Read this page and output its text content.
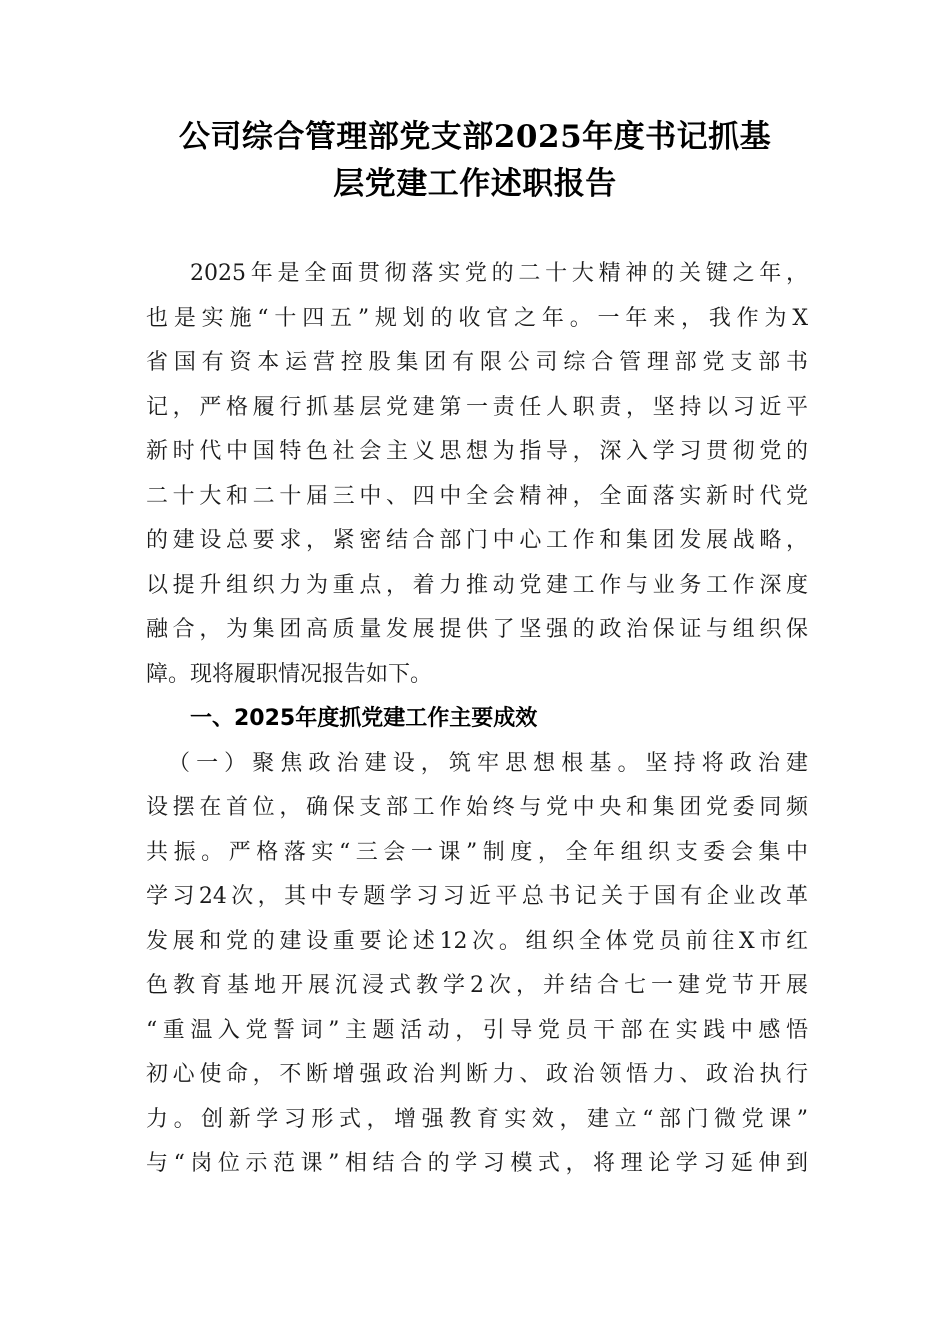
公司综合管理部党支部2025年度书记抓基
层党建工作述职报告
2025年是全面贯彻落实党的二十大精神的关键之年，
也是实施“十四五”规划的收官之年。一年来，我作为X
省国有资本运营控股集团有限公司综合管理部党支部书
记，严格履行抓基层党建第一责任人职责，坚持以习近平
新时代中国特色社会主义思想为指导，深入学习贯彻党的
二十大和二十届三中、四中全会精神，全面落实新时代党
的建设总要求，紧密结合部门中心工作和集团发展战略，
以提升组织力为重点，着力推动党建工作与业务工作深度
融合，为集团高质量发展提供了坚强的政治保证与组织保
障。现将履职情况报告如下。
一、2025年度抓党建工作主要成效
（一）聚焦政治建设，筑牢思想根基。坚持将政治建
设摆在首位，确保支部工作始终与党中央和集团党委同频
共振。严格落实“三会一课”制度，全年组织支委会集中
学习24次，其中专题学习习近平总书记关于国有企业改革
发展和党的建设重要论述12次。组织全体党员前往X市红
色教育基地开展沉浸式教学2次，并结合七一建党节开展
“重温入党誓词”主题活动，引导党员干部在实践中感悟
初心使命，不断增强政治判断力、政治领悟力、政治执行
力。创新学习形式，增强教育实效，建立“部门微党课”
与“岗位示范课”相结合的学习模式，将理论学习延伸到
